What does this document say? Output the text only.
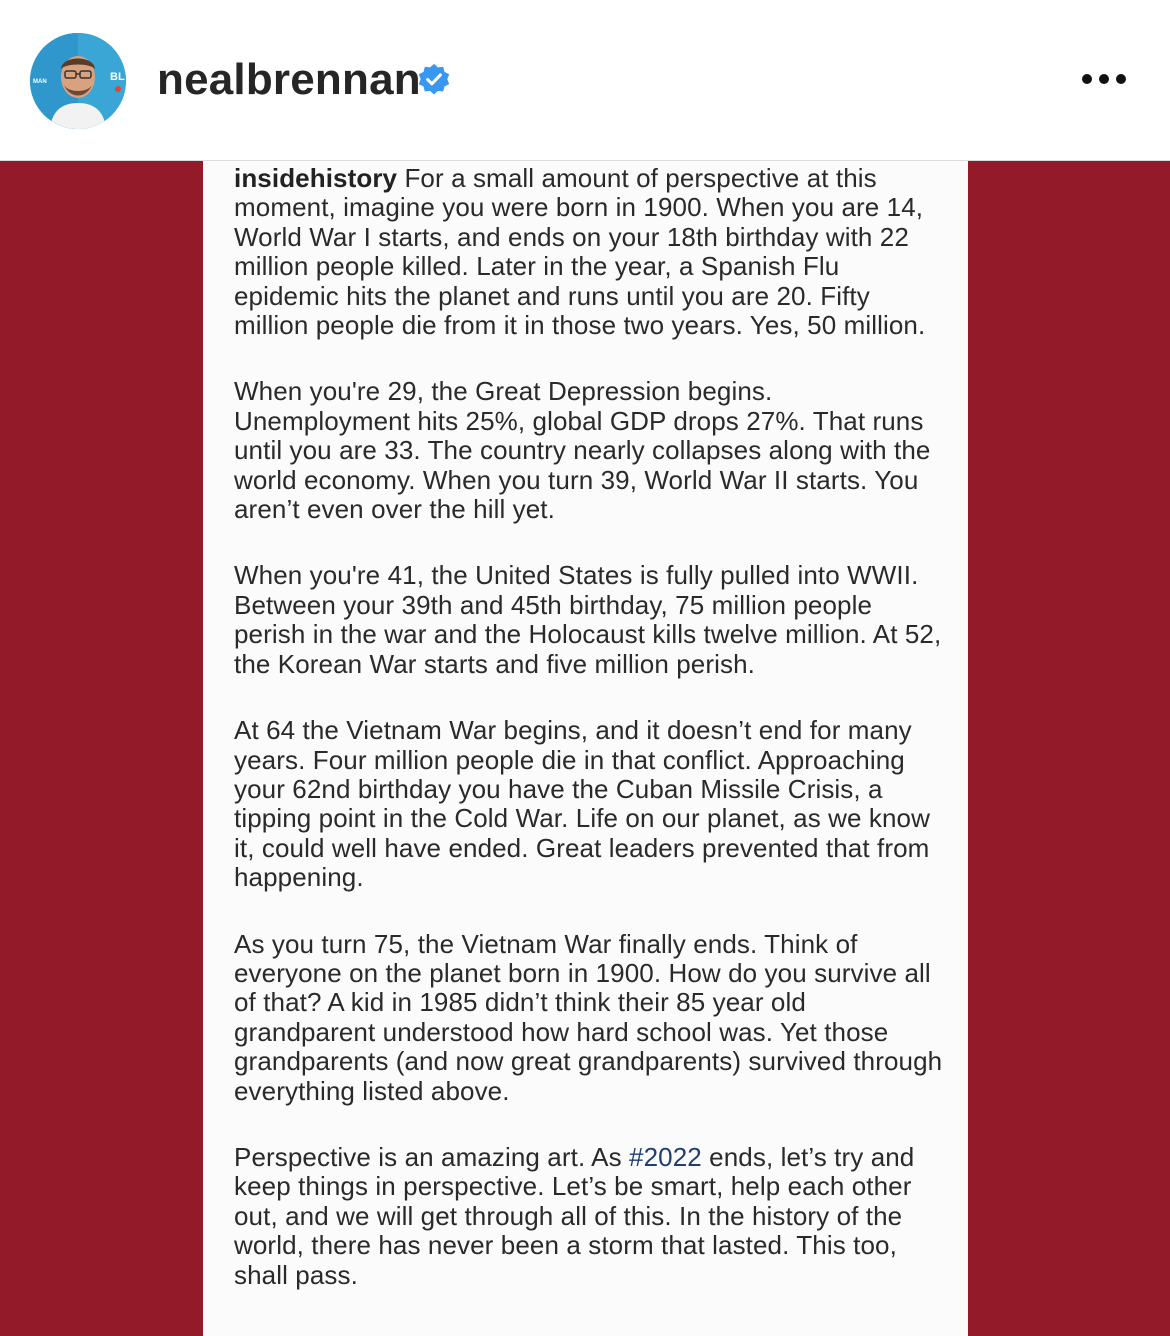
BL
MAN	nealbrennan

insidehistory For a small amount of perspective at this moment, imagine you were born in 1900. When you are 14, World War I starts, and ends on your 18th birthday with 22 million people killed. Later in the year, a Spanish Flu epidemic hits the planet and runs until you are 20. Fifty million people die from it in those two years. Yes, 50 million.

When you're 29, the Great Depression begins. Unemployment hits 25%, global GDP drops 27%. That runs until you are 33. The country nearly collapses along with the world economy. When you turn 39, World War II starts. You aren’t even over the hill yet.

When you're 41, the United States is fully pulled into WWII. Between your 39th and 45th birthday, 75 million people perish in the war and the Holocaust kills twelve million. At 52, the Korean War starts and five million perish.

At 64 the Vietnam War begins, and it doesn’t end for many years. Four million people die in that conflict. Approaching your 62nd birthday you have the Cuban Missile Crisis, a tipping point in the Cold War. Life on our planet, as we know it, could well have ended. Great leaders prevented that from happening.

As you turn 75, the Vietnam War finally ends. Think of everyone on the planet born in 1900. How do you survive all of that? A kid in 1985 didn’t think their 85 year old grandparent understood how hard school was. Yet those grandparents (and now great grandparents) survived through everything listed above.

Perspective is an amazing art. As #2022 ends, let’s try and keep things in perspective. Let’s be smart, help each other out, and we will get through all of this. In the history of the world, there has never been a storm that lasted. This too, shall pass.
